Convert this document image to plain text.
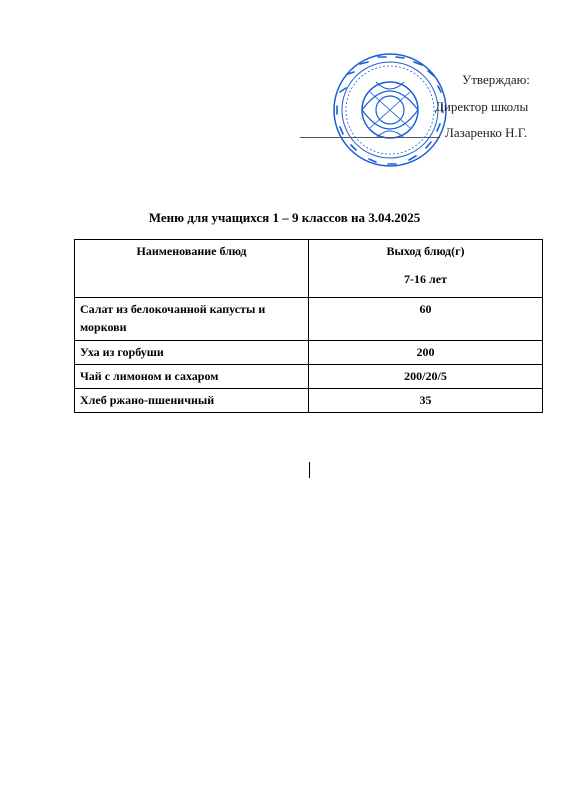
Утверждаю:
Директор школы
Лазаренко Н.Г.
Меню для учащихся 1 – 9 классов на 3.04.2025
Наименование блюд	Выход блюд(г)
7-16 лет

Салат из белокочанной капусты и моркови	60
Уха из горбуши	200
Чай с лимоном и сахаром	200/20/5
Хлеб ржано-пшеничный	35
